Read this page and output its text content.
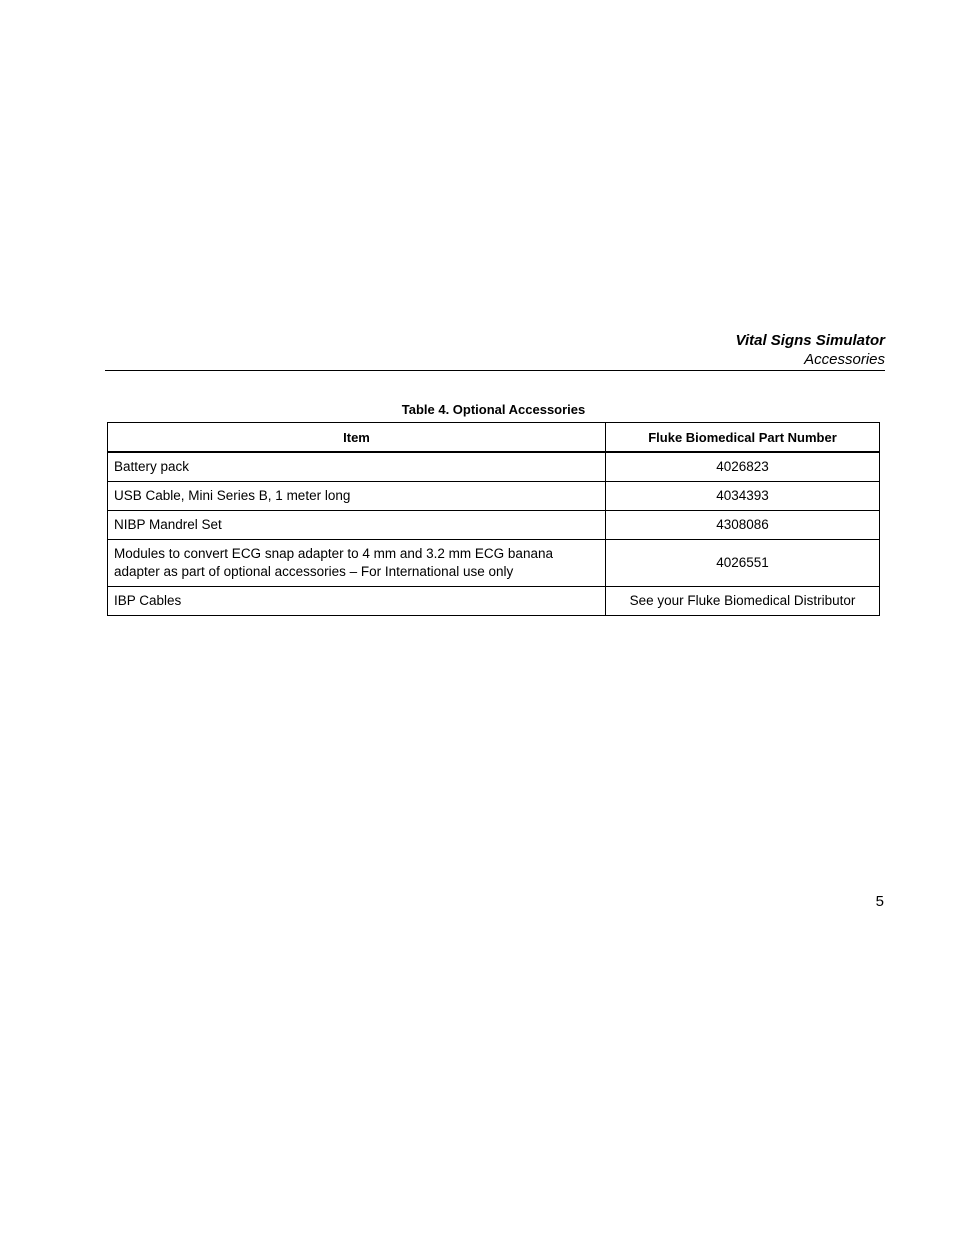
Vital Signs Simulator
Accessories
Table 4. Optional Accessories
Item	Fluke Biomedical Part Number
Battery pack	4026823
USB Cable, Mini Series B, 1 meter long	4034393
NIBP Mandrel Set	4308086

Modules to convert ECG snap adapter to 4 mm and 3.2 mm ECG banana
adapter as part of optional accessories – For International use only	4026551
IBP Cables	See your Fluke Biomedical Distributor
5
